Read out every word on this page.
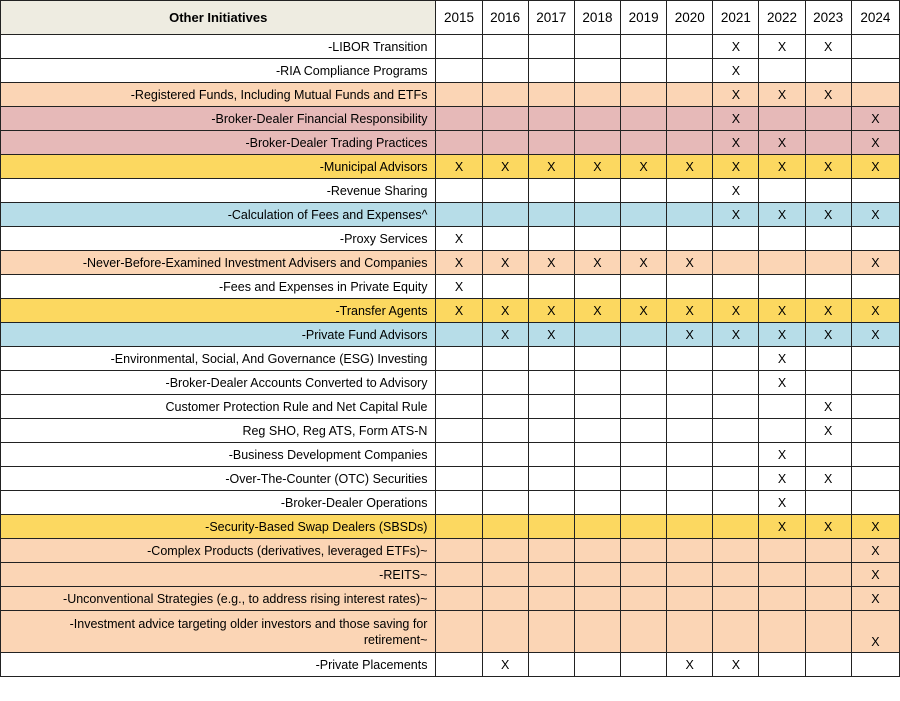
Other Initiatives	2015	2016	2017	2018	2019	2020	2021	2022	2023	2024
-LIBOR Transition							X	X	X	
-RIA Compliance Programs							X			
-Registered Funds, Including Mutual Funds and ETFs							X	X	X	
-Broker-Dealer Financial Responsibility							X			X
-Broker-Dealer Trading Practices							X	X		X
-Municipal Advisors	X	X	X	X	X	X	X	X	X	X
-Revenue Sharing							X			
-Calculation of Fees and Expenses^							X	X	X	X
-Proxy Services	X									
-Never-Before-Examined Investment Advisers and Companies	X	X	X	X	X	X				X
-Fees and Expenses in Private Equity	X									
-Transfer Agents	X	X	X	X	X	X	X	X	X	X
-Private Fund Advisors		X	X			X	X	X	X	X
-Environmental, Social, And Governance (ESG) Investing								X		
-Broker-Dealer Accounts Converted to Advisory								X		
Customer Protection Rule and Net Capital Rule									X	
Reg SHO, Reg ATS, Form ATS-N									X	
-Business Development Companies								X		
-Over-The-Counter (OTC) Securities								X	X	
-Broker-Dealer Operations								X		
-Security-Based Swap Dealers (SBSDs)								X	X	X
-Complex Products (derivatives, leveraged ETFs)~										X
-REITS~										X
-Unconventional Strategies (e.g., to address rising interest rates)~										X
-Investment advice targeting older investors and those saving for retirement~										X
-Private Placements		X				X	X			
